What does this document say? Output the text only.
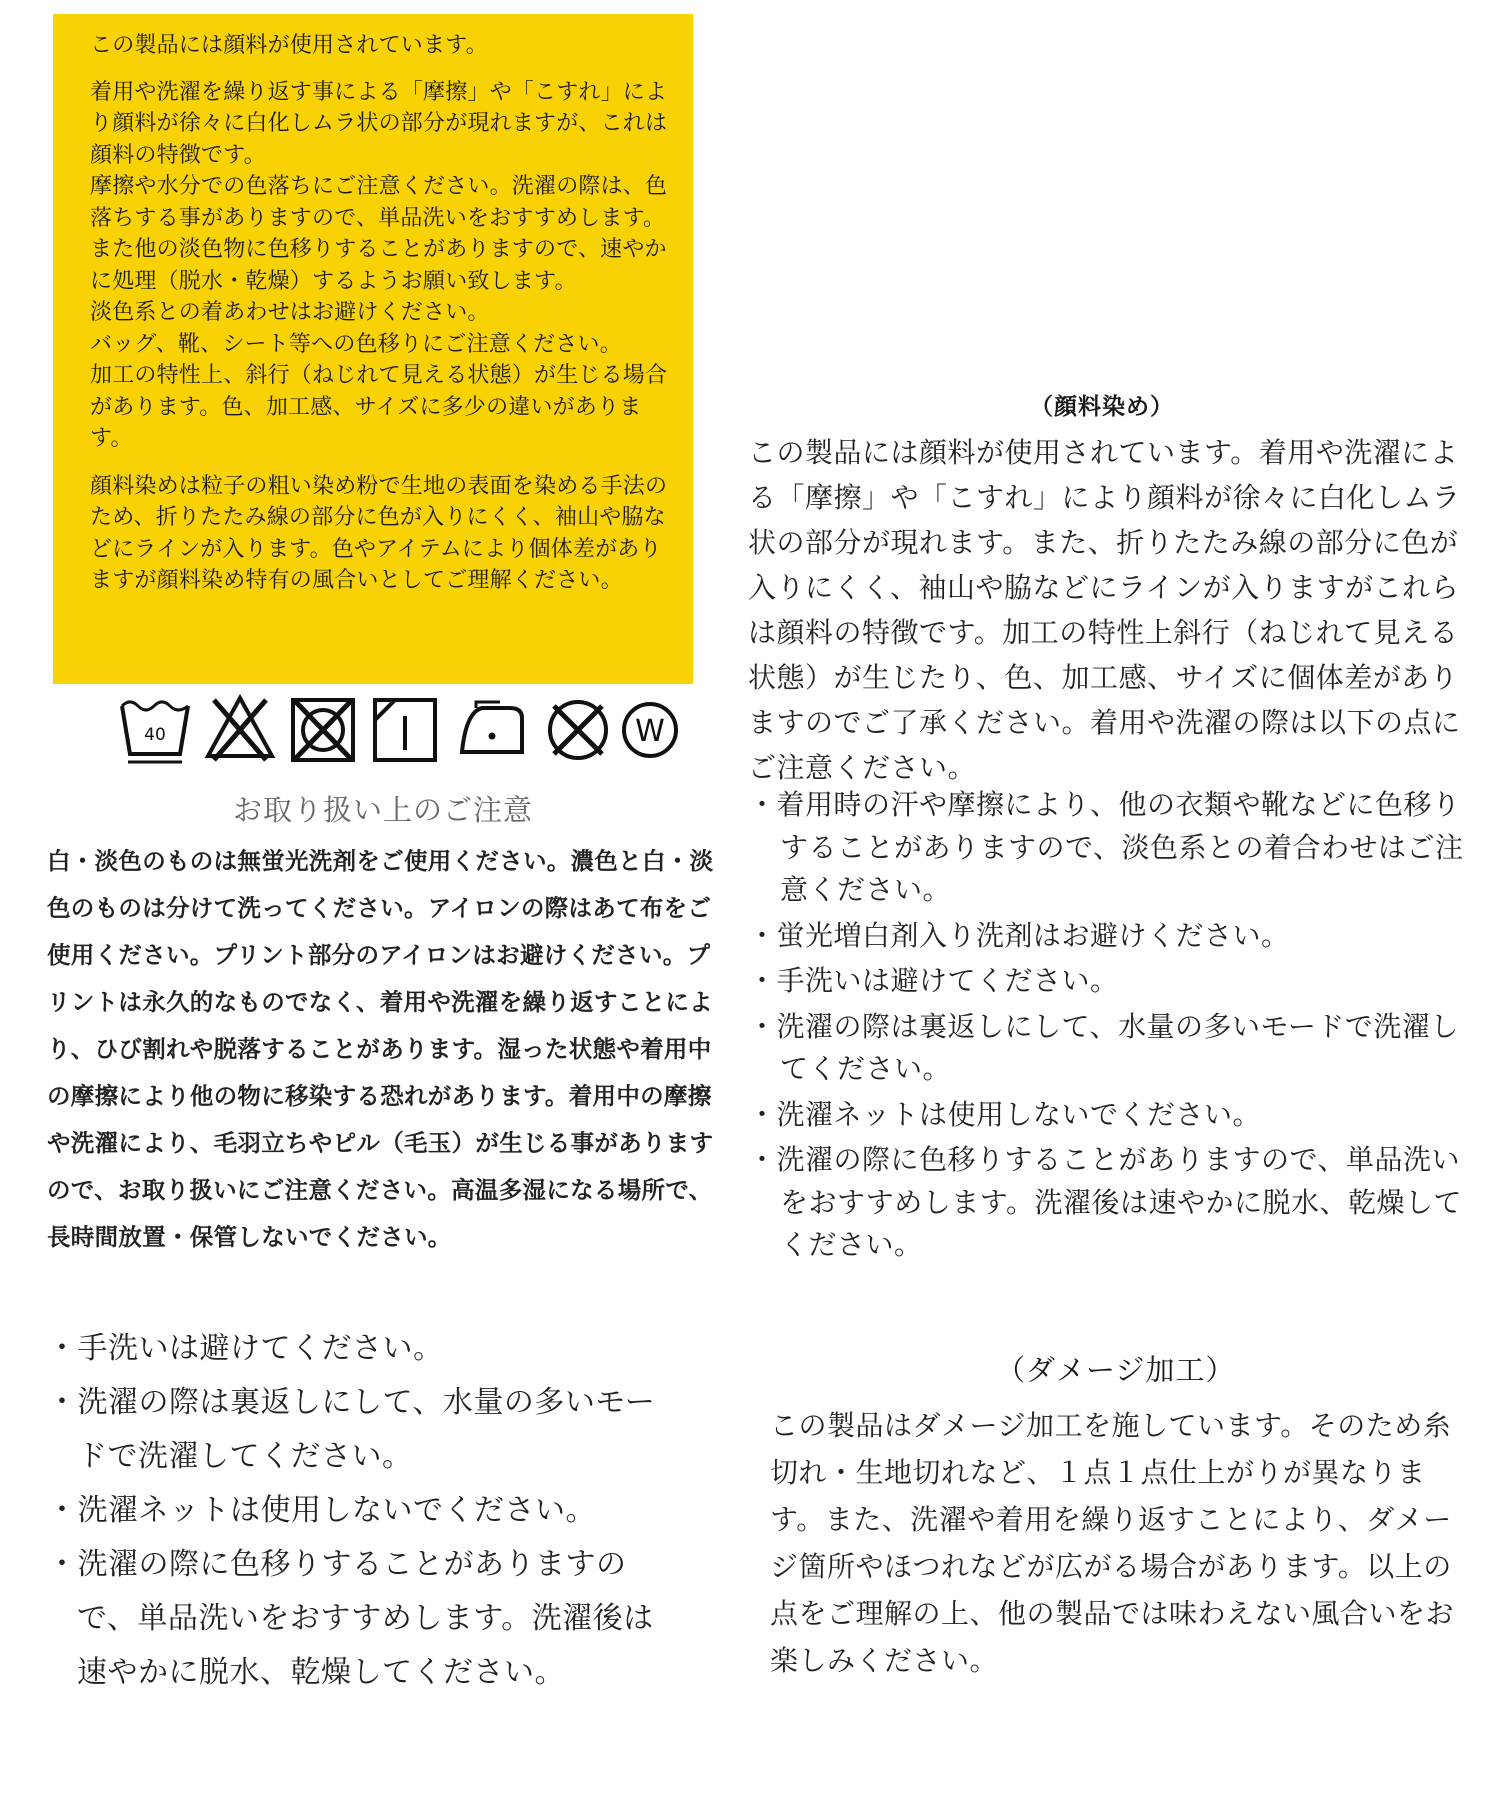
この製品には顔料が使用されています。

着用や洗濯を繰り返す事による「摩擦」や「こすれ」により顔料が徐々に白化しムラ状の部分が現れますが、これは顔料の特徴です。

摩擦や水分での色落ちにご注意ください。洗濯の際は、色落ちする事がありますので、単品洗いをおすすめします。また他の淡色物に色移りすることがありますので、速やかに処理（脱水・乾燥）するようお願い致します。

淡色系との着あわせはお避けください。

バッグ、靴、シート等への色移りにご注意ください。

加工の特性上、斜行（ねじれて見える状態）が生じる場合があります。色、加工感、サイズに多少の違いがあります。

顔料染めは粒子の粗い染め粉で生地の表面を染める手法のため、折りたたみ線の部分に色が入りにくく、袖山や脇などにラインが入ります。色やアイテムにより個体差がありますが顔料染め特有の風合いとしてご理解ください。

40	W
お取り扱い上のご注意

白・淡色のものは無蛍光洗剤をご使用ください。濃色と白・淡色のものは分けて洗ってください。アイロンの際はあて布をご使用ください。プリント部分のアイロンはお避けください。プリントは永久的なものでなく、着用や洗濯を繰り返すことにより、ひび割れや脱落することがあります。湿った状態や着用中の摩擦により他の物に移染する恐れがあります。着用中の摩擦や洗濯により、毛羽立ちやピル（毛玉）が生じる事がありますので、お取り扱いにご注意ください。高温多湿になる場所で、長時間放置・保管しないでください。

・手洗いは避けてください。
・洗濯の際は裏返しにして、水量の多いモードで洗濯してください。
・洗濯ネットは使用しないでください。
・洗濯の際に色移りすることがありますので、単品洗いをおすすめします。洗濯後は速やかに脱水、乾燥してください。
（顔料染め）

この製品には顔料が使用されています。着用や洗濯による「摩擦」や「こすれ」により顔料が徐々に白化しムラ状の部分が現れます。また、折りたたみ線の部分に色が入りにくく、袖山や脇などにラインが入りますがこれらは顔料の特徴です。加工の特性上斜行（ねじれて見える状態）が生じたり、色、加工感、サイズに個体差がありますのでご了承ください。着用や洗濯の際は以下の点にご注意ください。

・着用時の汗や摩擦により、他の衣類や靴などに色移りすることがありますので、淡色系との着合わせはご注意ください。
・蛍光増白剤入り洗剤はお避けください。
・手洗いは避けてください。
・洗濯の際は裏返しにして、水量の多いモードで洗濯してください。
・洗濯ネットは使用しないでください。
・洗濯の際に色移りすることがありますので、単品洗いをおすすめします。洗濯後は速やかに脱水、乾燥してください。
（ダメージ加工）

この製品はダメージ加工を施しています。そのため糸切れ・生地切れなど、１点１点仕上がりが異なります。また、洗濯や着用を繰り返すことにより、ダメージ箇所やほつれなどが広がる場合があります。以上の点をご理解の上、他の製品では味わえない風合いをお楽しみください。
